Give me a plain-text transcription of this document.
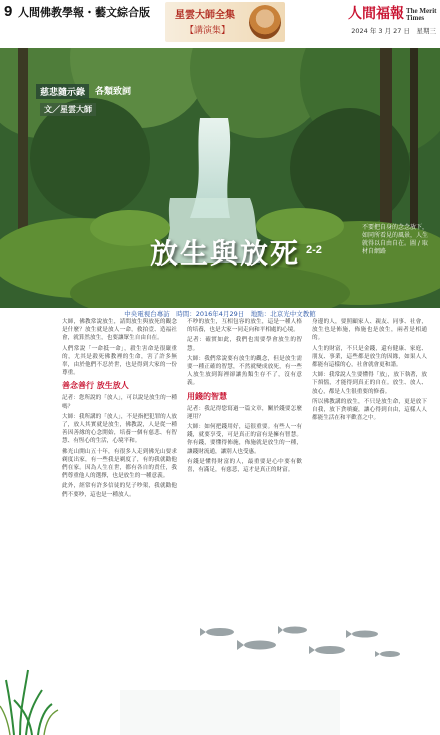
9 人間佛教學報・藝文綜合版	星雲大師全集
【講演集】
人間福報 The Merit Times
2024 年 3 月 27 日　星期三
慈悲隨示錄	各類致詞
文／星雲大師
不要把自身的念念放下，如同所看見的風景，人生就得以自由自在。圖 / 取材自網路
放生與放死 2-2
中央電視台專訪　時間：2016年4月29日　地點：北京光中文教館

大師，佛教常說放生，請問放生與放死的觀念是什麼？放生就是放人一命，救拍壹、造福社會，就算然放生，也要讓眾生自由自在。

人們常說「一命抵一命」，殺生害命是很嚴重的，尤其是殺死佛教裡的生命，害了許多無辜，由於他們不忍於世，也是得到大家的一份尊重。

善念善行 放生放人

記者：您所說的「放人」，可以說是放生的一種嗎？

大師：我所講的「放人」，不是指把犯罪的人放了，放人其實就是放生，佛教說，人是從一種善因善緣的心念開始，培養一個有慈悲、有智慧、有恆心的生活，心境平和。

佛光山開山五十年，有很多人走到佛光山要求剃度出家，有一些我是剃度了，有的我就勸他們在家。因為人生在世，都有各自的責任，我們尊重他人的選擇，也是放生的一種意義。

此外，經常有許多信徒的兒子吵架，我就勸他們不要吵，這也是一種放人。

不吵的放生，互相包容的放生，這是一種人格的培養，也是大家一同走向和平相處的心境。

記者：確實如此，我們也需要學會放生的智慧。

大師：我們常說要有放生的觀念，但是放生需要一種正確的智慧，不然就變成放死，有一些人放生放到海裡卻讓魚類生存不了，沒有意義。

用錢的智慧

記者：我記得您寫過一篇文章，關於錢要怎麼運用？

大師：如何把錢用好，這很重要。有些人一有錢，就要享受，可是真正的富有是擁有智慧。你有錢，要懂得佈施，佈施就是放生的一種，讓錢財流通，讓別人也受惠。

有錢是懂得財富的人，最重要是心中要有歡喜，有滿足，有慈悲，這才是真正的財富。

身邊的人，要照顧家人、親友、同事、社會，放生也是佈施，佈施也是放生，兩者是相通的。

人生的財富，不只是金錢，還有健康、家庭、朋友、事業，這些都是放生的因緣，如果人人都能有這樣的心，社會就會更和諧。

大師：我常說人生要懂得「放」，放下執著，放下煩惱，才能得到真正的自在。放生、放人、放心，都是人生很重要的修養。

所以佛教講的放生，不只是放生命，更是放下自我，放下貪嗔癡，讓心得到自由，這樣人人都能生活在和平歡喜之中。
